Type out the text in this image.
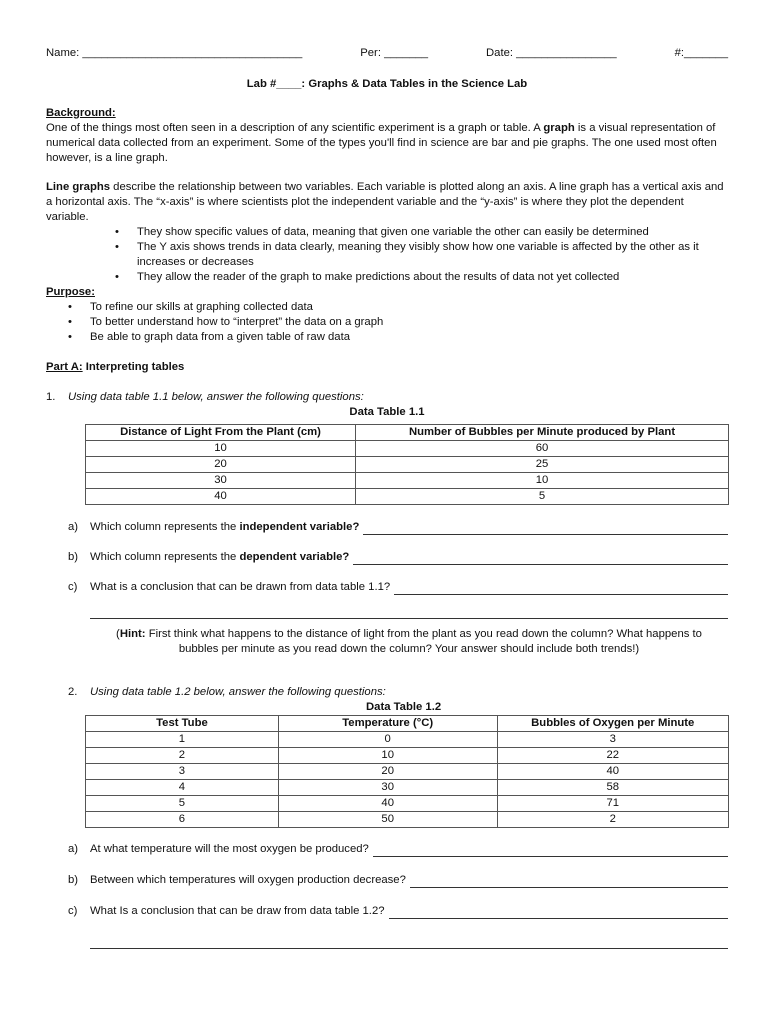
Name: ___________________________________	Per: _______	Date: ________________	#:_______
Lab #____: Graphs & Data Tables in the Science Lab
Background:

One of the things most often seen in a description of any scientific experiment is a graph or table. A graph is a visual representation of numerical data collected from an experiment. Some of the types you'll find in science are bar and pie graphs. The one used most often however, is a line graph.

Line graphs describe the relationship between two variables. Each variable is plotted along an axis. A line graph has a vertical axis and a horizontal axis. The “x-axis” is where scientists plot the independent variable and the “y-axis” is where they plot the dependent variable.

• They show specific values of data, meaning that given one variable the other can easily be determined
• The Y axis shows trends in data clearly, meaning they visibly show how one variable is affected by the other as it increases or decreases
• They allow the reader of the graph to make predictions about the results of data not yet collected
Purpose:
• To refine our skills at graphing collected data
• To better understand how to “interpret” the data on a graph
• Be able to graph data from a given table of raw data
Part A: Interpreting tables
1. Using data table 1.1 below, answer the following questions:
Data Table 1.1
Distance of Light From the Plant (cm)	Number of Bubbles per Minute produced by Plant
10	60
20	25
30	10
40	5
a)	Which column represents the independent variable?
b)	Which column represents the dependent variable?
c)	What is a conclusion that can be drawn from data table 1.1?
(Hint: First think what happens to the distance of light from the plant as you read down the column? What happens to bubbles per minute as you read down the column? Your answer should include both trends!)
2. Using data table 1.2 below, answer the following questions:
Data Table 1.2
Test Tube	Temperature (°C)	Bubbles of Oxygen per Minute
1	0	3
2	10	22
3	20	40
4	30	58
5	40	71
6	50	2
a)	At what temperature will the most oxygen be produced?
b)	Between which temperatures will oxygen production decrease?
c)	What Is a conclusion that can be draw from data table 1.2?
